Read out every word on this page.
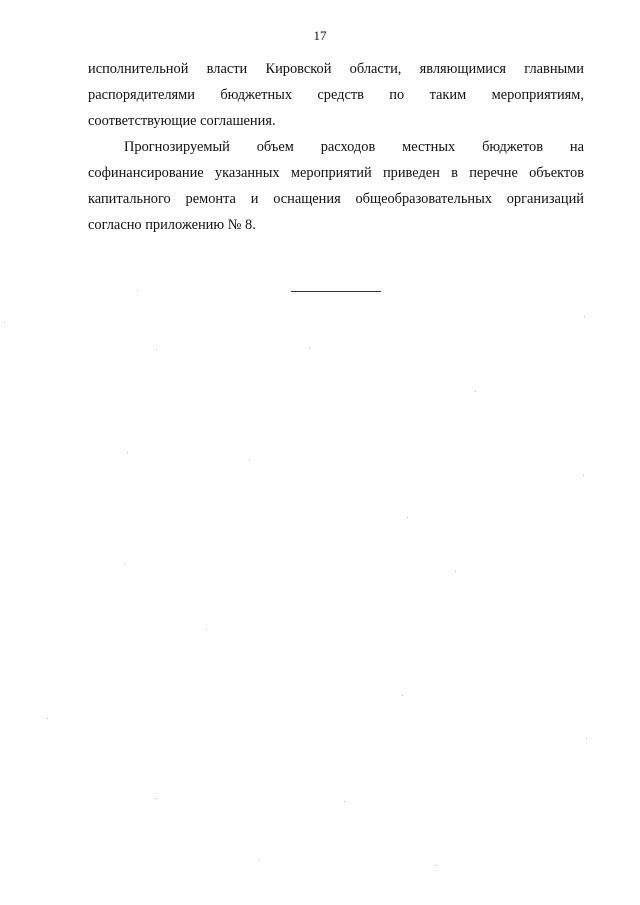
17

исполнительной власти Кировской области, являющимися главными распорядителями бюджетных средств по таким мероприятиям, соответствующие соглашения.

Прогнозируемый объем расходов местных бюджетов на софинансирование указанных мероприятий приведен в перечне объектов капитального ремонта и оснащения общеобразовательных организаций согласно приложению № 8.
